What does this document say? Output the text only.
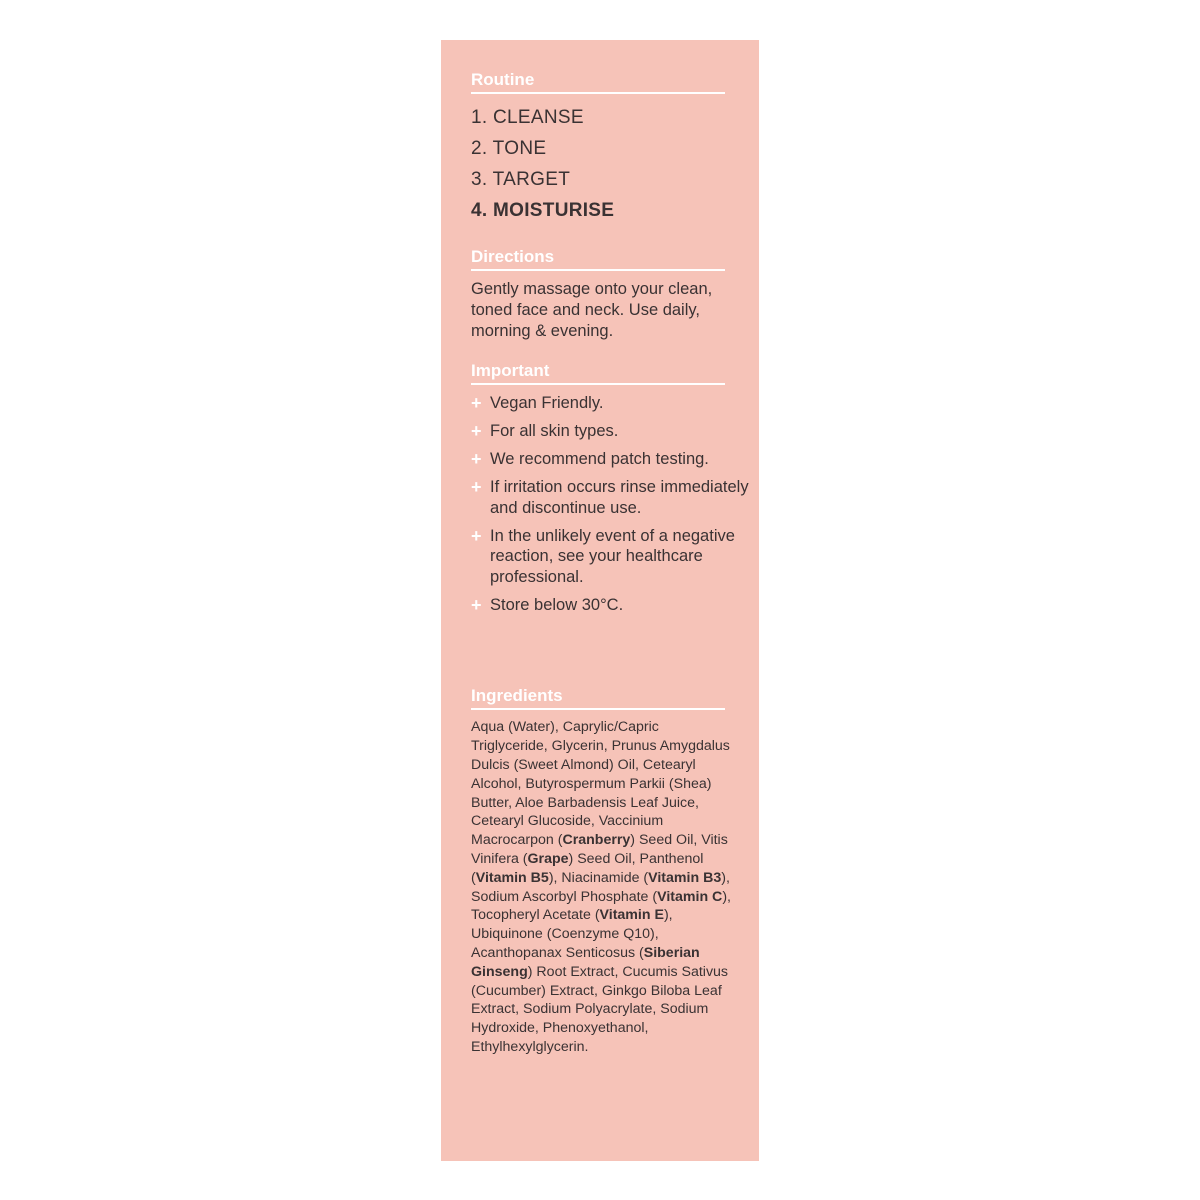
Routine
1. CLEANSE
2. TONE
3. TARGET
4. MOISTURISE
Directions

Gently massage onto your clean, toned face and neck. Use daily, morning & evening.

Important
+ Vegan Friendly.
+ For all skin types.
+ We recommend patch testing.
+ If irritation occurs rinse immediately and discontinue use.
+ In the unlikely event of a negative reaction, see your healthcare professional.
+ Store below 30°C.
Ingredients

Aqua (Water), Caprylic/Capric Triglyceride, Glycerin, Prunus Amygdalus Dulcis (Sweet Almond) Oil, Cetearyl Alcohol, Butyrospermum Parkii (Shea) Butter, Aloe Barbadensis Leaf Juice, Cetearyl Glucoside, Vaccinium Macrocarpon (Cranberry) Seed Oil, Vitis Vinifera (Grape) Seed Oil, Panthenol (Vitamin B5), Niacinamide (Vitamin B3), Sodium Ascorbyl Phosphate (Vitamin C), Tocopheryl Acetate (Vitamin E), Ubiquinone (Coenzyme Q10), Acanthopanax Senticosus (Siberian Ginseng) Root Extract, Cucumis Sativus (Cucumber) Extract, Ginkgo Biloba Leaf Extract, Sodium Polyacrylate, Sodium Hydroxide, Phenoxyethanol, Ethylhexylglycerin.
